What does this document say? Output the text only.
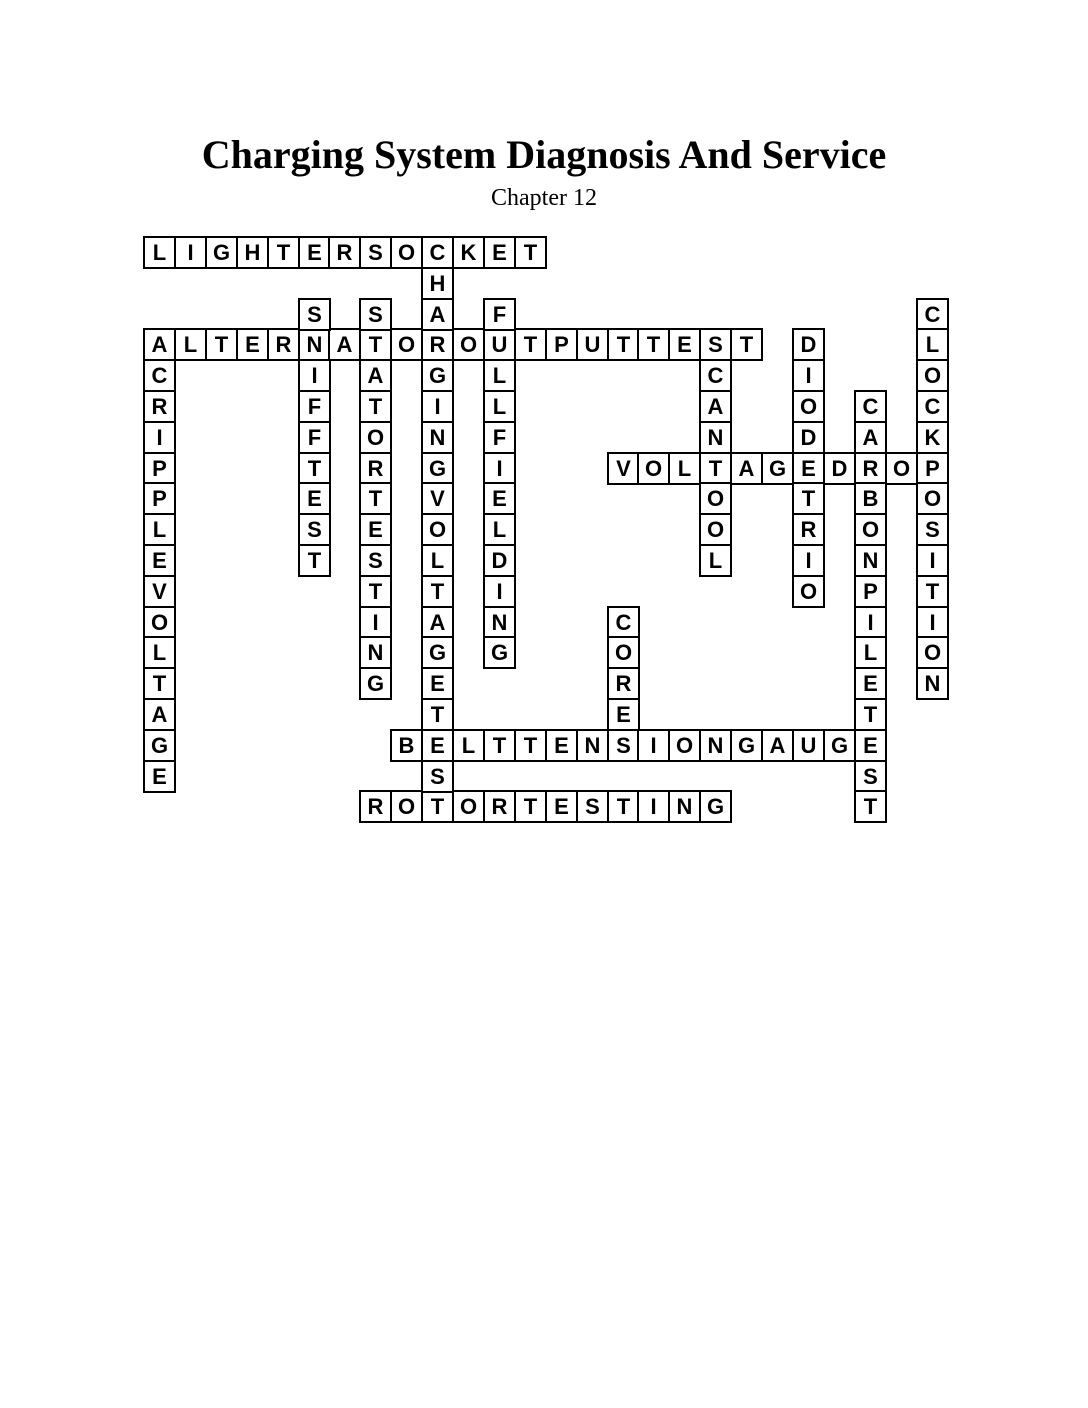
Charging System Diagnosis And Service
Chapter 12
L I G H T E R S O C K E T
A L T E R N A T O R O U T P U T T E S T
V O L T A G E D R O P
B E L T T E N S I O N G A U G E
R O T O R T E S T I N G
C
R
I
P
P
L
E
V
O
L
T
A
G
E
S
I
F
F
T
E
S
T
S
A
T
O
R
T
E
S
T
I
N
G
H
A
G
I
N
G
V
O
L
T
A
G
E
T
S
F
L
L
F
I
E
L
D
I
N
G
C
A
N
O
O
L
D
I
O
D
T
R
I
O
C
O
R
E
C
A
B
O
N
P
I
L
E
T
S
T
C
L
O
C
K
O
S
I
T
I
O
N
